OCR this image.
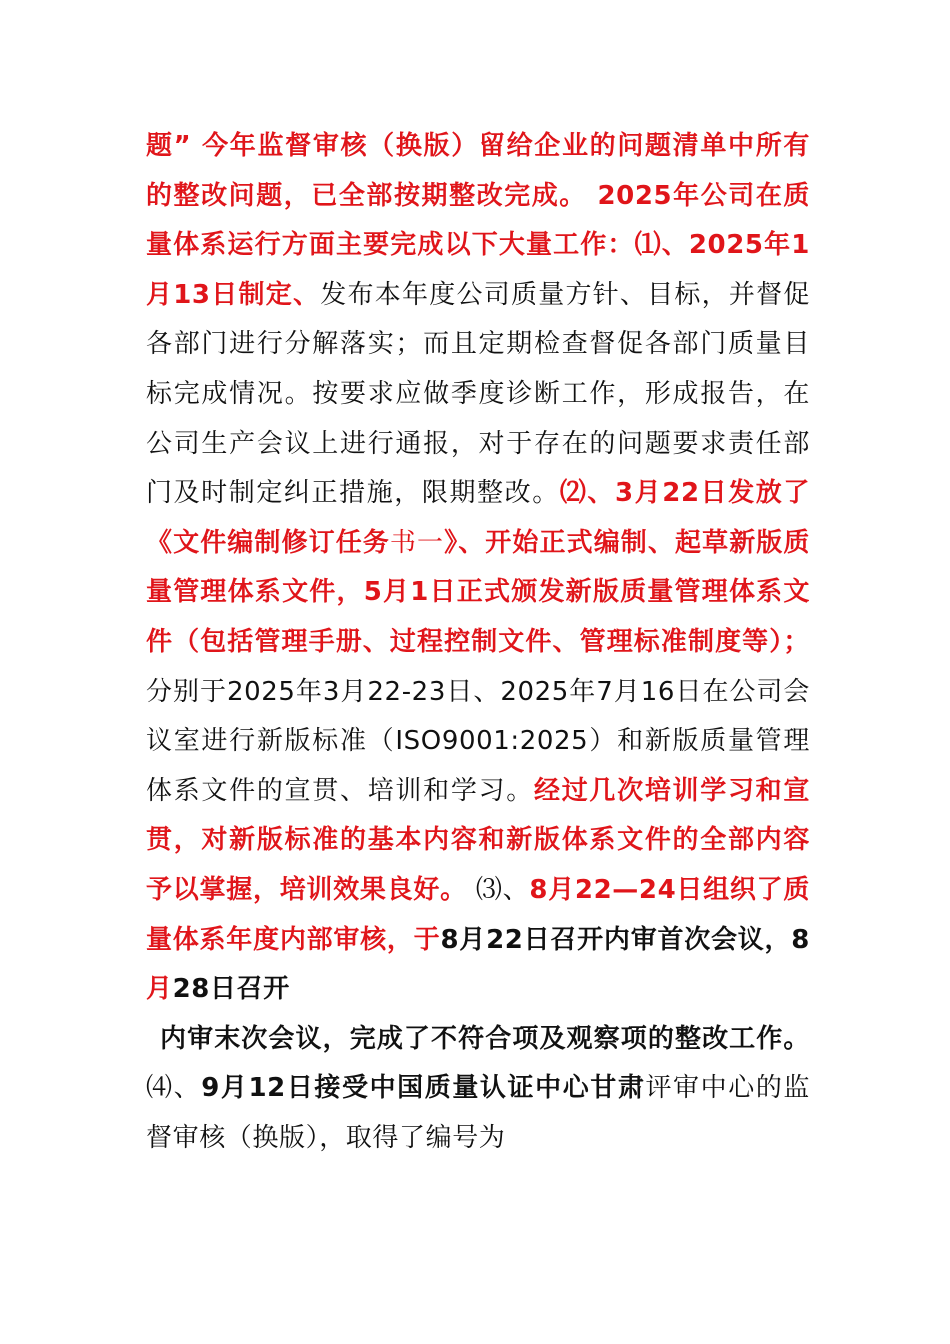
题” 今年监督审核（换版）留给企业的问题清单中所有的整改问题，已全部按期整改完成。 2025年公司在质量体系运行方面主要完成以下大量工作：⑴、2025年1月13日制定、发布本年度公司质量方针、目标，并督促各部门进行分解落实；而且定期检查督促各部门质量目标完成情况。按要求应做季度诊断工作，形成报告，在公司生产会议上进行通报，对于存在的问题要求责任部门及时制定纠正措施，限期整改。⑵、3月22日发放了《文件编制修订任务书一》、开始正式编制、起草新版质量管理体系文件，5月1日正式颁发新版质量管理体系文件（包括管理手册、过程控制文件、管理标准制度等）；分别于2025年3月22-23日、2025年7月16日在公司会议室进行新版标准（ISO9001:2025）和新版质量管理体系文件的宣贯、培训和学习。经过几次培训学习和宣贯，对新版标准的基本内容和新版体系文件的全部内容予以掌握，培训效果良好。 ⑶、8月22—24日组织了质量体系年度内部审核，于8月22日召开内审首次会议，8月28日召开

内审末次会议，完成了不符合项及观察项的整改工作。⑷、9月12日接受中国质量认证中心甘肃评审中心的监督审核（换版），取得了编号为
